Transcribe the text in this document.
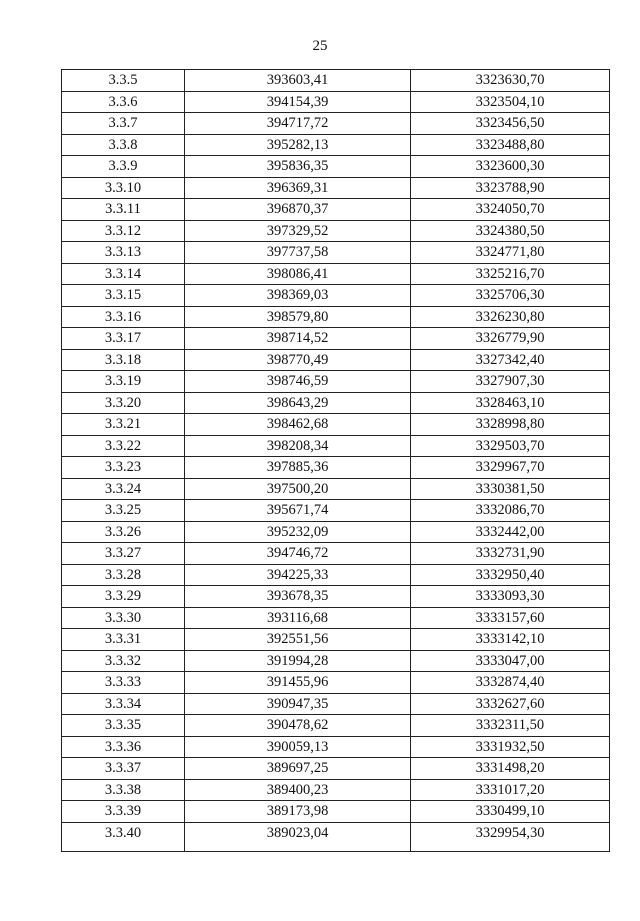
25
3.3.5	393603,41	3323630,70
3.3.6	394154,39	3323504,10
3.3.7	394717,72	3323456,50
3.3.8	395282,13	3323488,80
3.3.9	395836,35	3323600,30
3.3.10	396369,31	3323788,90
3.3.11	396870,37	3324050,70
3.3.12	397329,52	3324380,50
3.3.13	397737,58	3324771,80
3.3.14	398086,41	3325216,70
3.3.15	398369,03	3325706,30
3.3.16	398579,80	3326230,80
3.3.17	398714,52	3326779,90
3.3.18	398770,49	3327342,40
3.3.19	398746,59	3327907,30
3.3.20	398643,29	3328463,10
3.3.21	398462,68	3328998,80
3.3.22	398208,34	3329503,70
3.3.23	397885,36	3329967,70
3.3.24	397500,20	3330381,50
3.3.25	395671,74	3332086,70
3.3.26	395232,09	3332442,00
3.3.27	394746,72	3332731,90
3.3.28	394225,33	3332950,40
3.3.29	393678,35	3333093,30
3.3.30	393116,68	3333157,60
3.3.31	392551,56	3333142,10
3.3.32	391994,28	3333047,00
3.3.33	391455,96	3332874,40
3.3.34	390947,35	3332627,60
3.3.35	390478,62	3332311,50
3.3.36	390059,13	3331932,50
3.3.37	389697,25	3331498,20
3.3.38	389400,23	3331017,20
3.3.39	389173,98	3330499,10
3.3.40	389023,04	3329954,30
